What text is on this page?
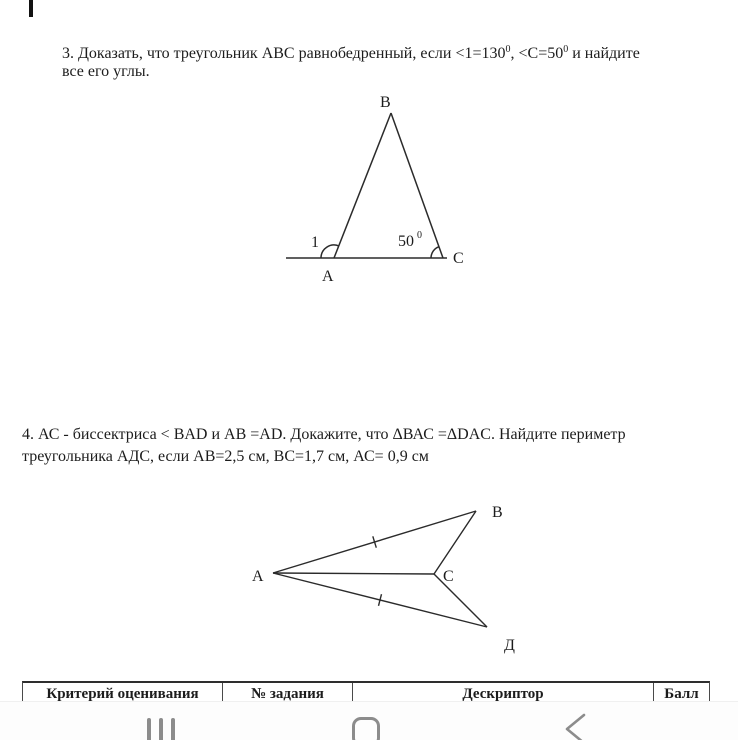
3. Доказать, что треугольник АВС равнобедренный, если $<1=130^0$, $<С=50^0$ и найдите
все его углы.
В
А
С
1	50 0
4. АС - биссектриса < BAD и АВ =AD. Докажите, что ΔВАС =ΔDAC. Найдите периметр
треугольника АДС, если АВ=2,5 см, ВС=1,7 см, АС= 0,9 см
А
В
С
Д
Критерий оценивания	№ задания	Дескриптор	Балл
